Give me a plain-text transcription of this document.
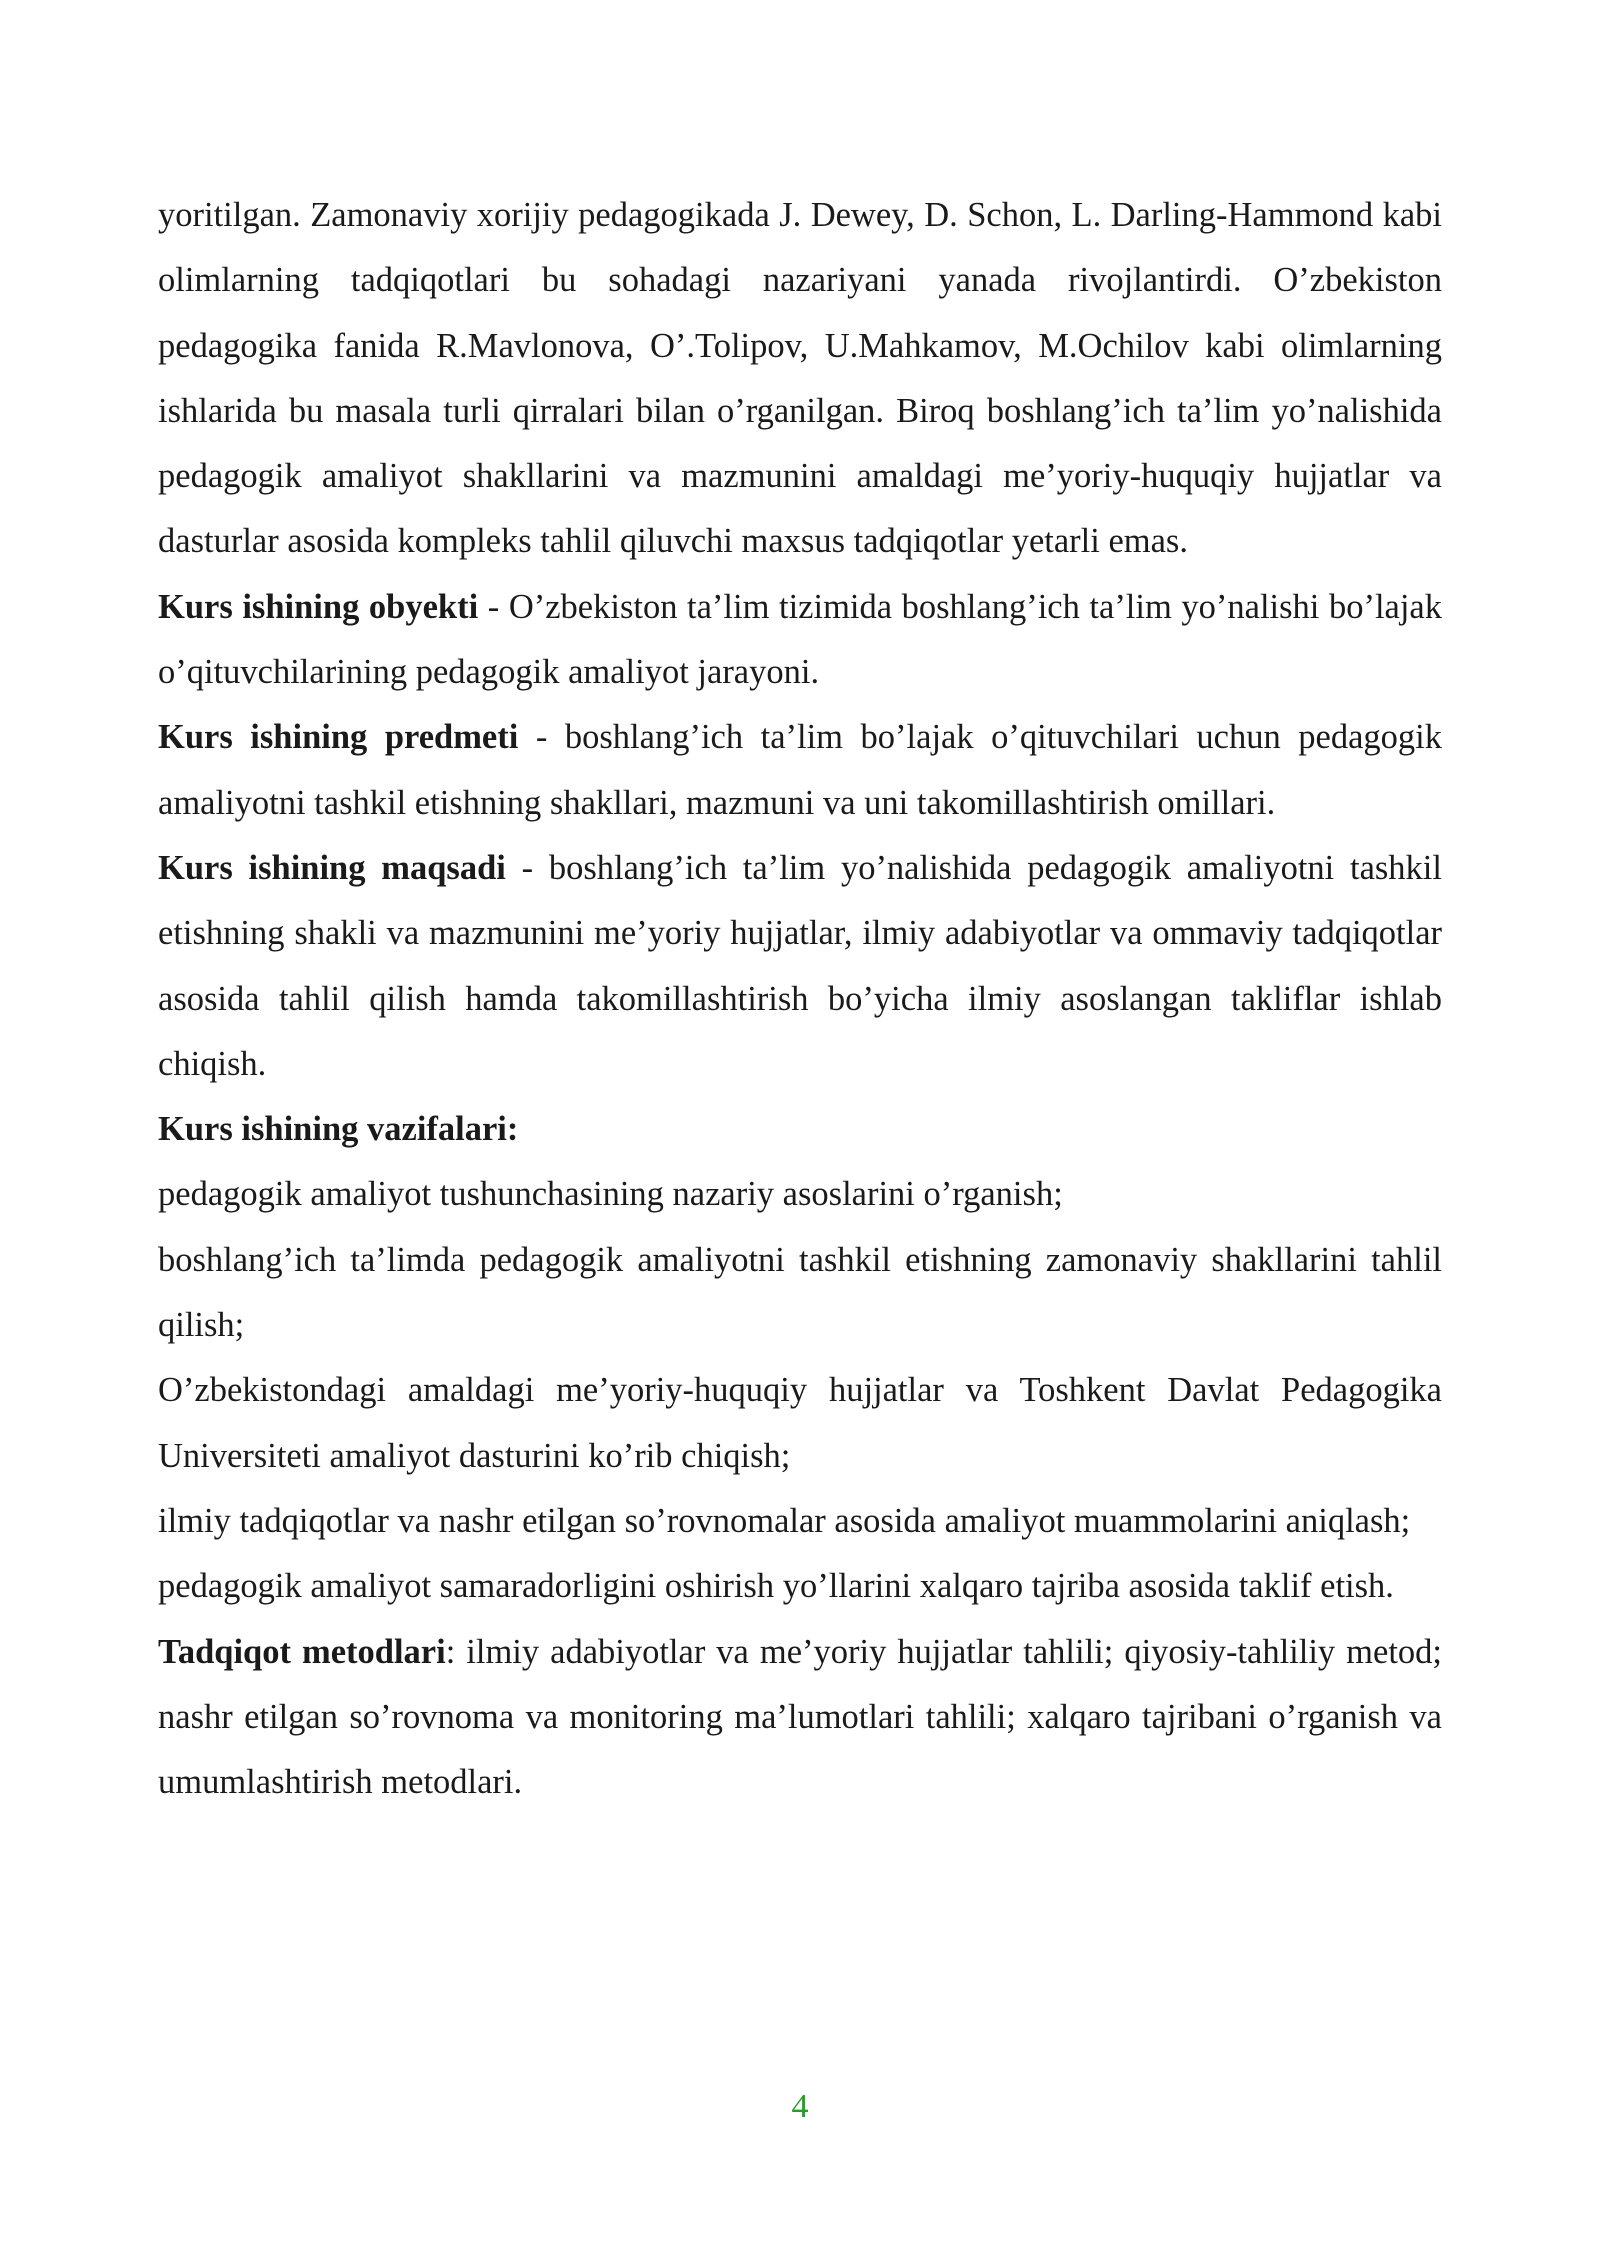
yoritilgan. Zamonaviy xorijiy pedagogikada J. Dewey, D. Schon, L. Darling-Hammond kabi olimlarning tadqiqotlari bu sohadagi nazariyani yanada rivojlantirdi. O’zbekiston pedagogika fanida R.Mavlonova, O’.Tolipov, U.Mahkamov, M.Ochilov kabi olimlarning ishlarida bu masala turli qirralari bilan o’rganilgan. Biroq boshlang’ich ta’lim yo’nalishida pedagogik amaliyot shakllarini va mazmunini amaldagi me’yoriy-huquqiy hujjatlar va dasturlar asosida kompleks tahlil qiluvchi maxsus tadqiqotlar yetarli emas.

Kurs ishining obyekti - O’zbekiston ta’lim tizimida boshlang’ich ta’lim yo’nalishi bo’lajak o’qituvchilarining pedagogik amaliyot jarayoni.

Kurs ishining predmeti - boshlang’ich ta’lim bo’lajak o’qituvchilari uchun pedagogik amaliyotni tashkil etishning shakllari, mazmuni va uni takomillashtirish omillari.

Kurs ishining maqsadi - boshlang’ich ta’lim yo’nalishida pedagogik amaliyotni tashkil etishning shakli va mazmunini me’yoriy hujjatlar, ilmiy adabiyotlar va ommaviy tadqiqotlar asosida tahlil qilish hamda takomillashtirish bo’yicha ilmiy asoslangan takliflar ishlab chiqish.

Kurs ishining vazifalari:

pedagogik amaliyot tushunchasining nazariy asoslarini o’rganish;

boshlang’ich ta’limda pedagogik amaliyotni tashkil etishning zamonaviy shakllarini tahlil qilish;

O’zbekistondagi amaldagi me’yoriy-huquqiy hujjatlar va Toshkent Davlat Pedagogika Universiteti amaliyot dasturini ko’rib chiqish;

ilmiy tadqiqotlar va nashr etilgan so’rovnomalar asosida amaliyot muammolarini aniqlash;

pedagogik amaliyot samaradorligini oshirish yo’llarini xalqaro tajriba asosida taklif etish.

Tadqiqot metodlari: ilmiy adabiyotlar va me’yoriy hujjatlar tahlili; qiyosiy-tahliliy metod; nashr etilgan so’rovnoma va monitoring ma’lumotlari tahlili; xalqaro tajribani o’rganish va umumlashtirish metodlari.

4
